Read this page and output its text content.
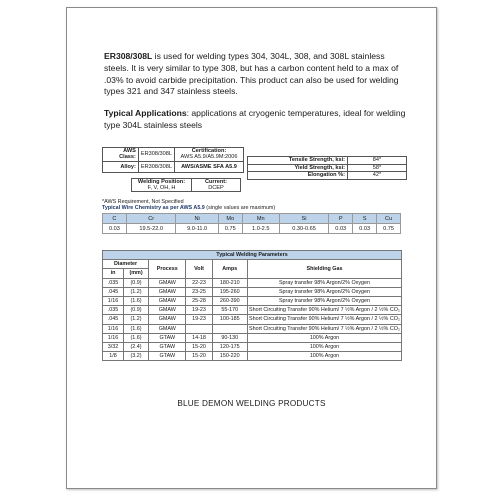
ER308/308L is used for welding types 304, 304L, 308, and 308L stainless steels. It is very similar to type 308, but has a carbon content held to a max of .03% to avoid carbide precipitation. This product can also be used for welding types 321 and 347 stainless steels.
Typical Applications: applications at cryogenic temperatures, ideal for welding type 304L stainless steels
AWS Class:	ER308/308L	Certification:
AWS A5.9/A5.9M:2006
Alloy:	ER308/308L	AWS/ASME SFA A5.9
Tensile Strength, ksi:	84*
Yield Strength, ksi:	58*
Elongation %:	42*
Welding Position:
F, V, OH, H	Current:
DCEP
*AWS Requirement, Not Specified
Typical Wire Chemistry as per AWS A5.9 (single values are maximum)
C	Cr	Ni	Mo	Mn	Si	P	S	Cu
0.03	19.5-22.0	9.0-11.0	0.75	1.0-2.5	0.30-0.65	0.03	0.03	0.75
Typical Welding Parameters					
Diameter		Process	Volt	Amps	Shielding Gas
in	(mm)				
.035	(0.9)	GMAW	22-23	180-210	Spray transfer 98% Argon/2% Oxygen
.045	(1.2)	GMAW	23-25	195-260	Spray transfer 98% Argon/2% Oxygen
1/16	(1.6)	GMAW	25-28	260-390	Spray transfer 98% Argon/2% Oxygen
.035	(0.9)	GMAW	19-23	55-170	Short Circuiting Transfer 90% Helium/ 7 ½% Argon / 2 ½% CO₂
.045	(1.2)	GMAW	19-23	100-185	Short Circuiting Transfer 90% Helium/ 7 ½% Argon / 2 ½% CO₂
1/16	(1.6)	GMAW			Short Circuiting Transfer 90% Helium/ 7 ½% Argon / 2 ½% CO₂
1/16	(1.6)	GTAW	14-18	90-130	100% Argon
3/32	(2.4)	GTAW	15-20	120-175	100% Argon
1/8	(3.2)	GTAW	15-20	150-220	100% Argon
BLUE DEMON WELDING PRODUCTS
